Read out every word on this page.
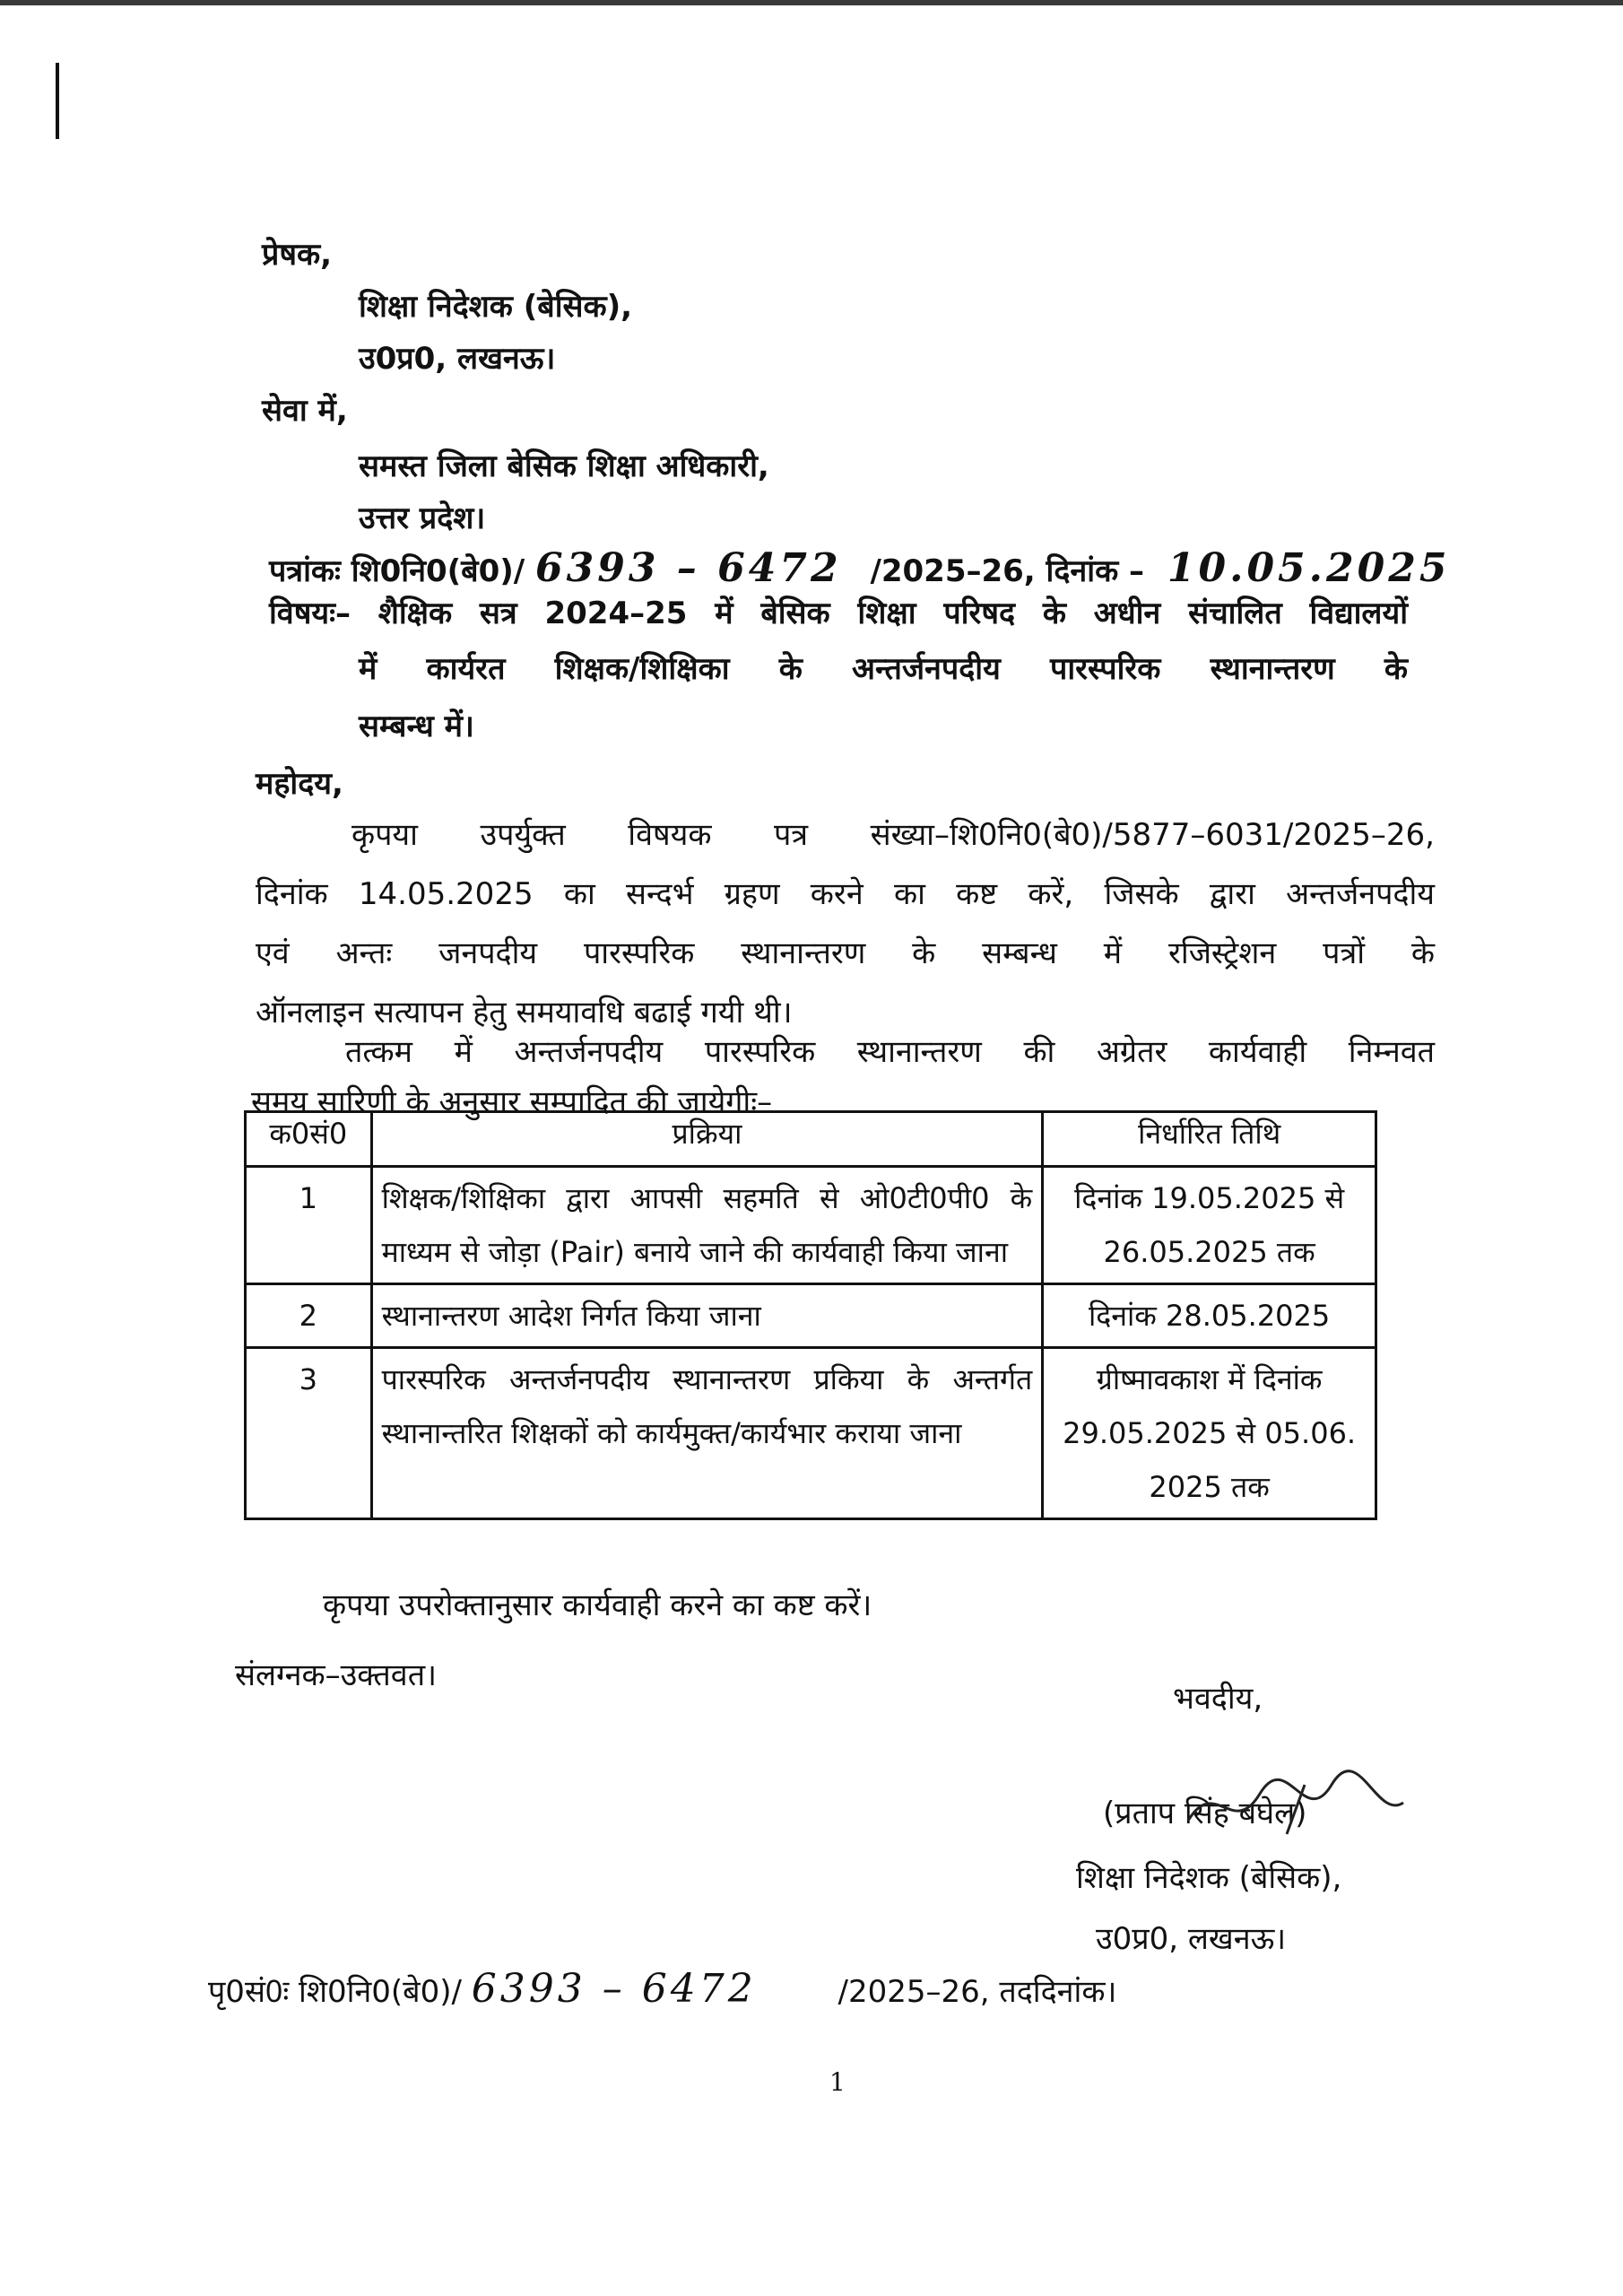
प्रेषक,
शिक्षा निदेशक (बेसिक),
उ0प्र0, लखनऊ।
सेवा में,
समस्त जिला बेसिक शिक्षा अधिकारी,
उत्तर प्रदेश।
पत्रांकः शि0नि0(बे0)/ 6393 – 6472 /2025–26, दिनांक – 10.05.2025
विषयः– शैक्षिक सत्र 2024–25 में बेसिक शिक्षा परिषद के अधीन संचालित विद्यालयों
में कार्यरत शिक्षक/शिक्षिका के अन्तर्जनपदीय पारस्परिक स्थानान्तरण के
सम्बन्ध में।
महोदय,
कृपया उपर्युक्त विषयक पत्र संख्या–शि0नि0(बे0)/5877–6031/2025–26,
दिनांक 14.05.2025 का सन्दर्भ ग्रहण करने का कष्ट करें, जिसके द्वारा अन्तर्जनपदीय
एवं अन्तः जनपदीय पारस्परिक स्थानान्तरण के सम्बन्ध में रजिस्ट्रेशन पत्रों के
ऑनलाइन सत्यापन हेतु समयावधि बढाई गयी थी।
तत्कम में अन्तर्जनपदीय पारस्परिक स्थानान्तरण की अग्रेतर कार्यवाही निम्नवत
समय सारिणी के अनुसार सम्पादित की जायेगीः–
क0सं0	प्रक्रिया	निर्धारित तिथि
1	शिक्षक/शिक्षिका द्वारा आपसी सहमति से ओ0टी0पी0 के माध्यम से जोड़ा (Pair) बनाये जाने की कार्यवाही किया जाना	दिनांक 19.05.2025 से 26.05.2025 तक
2	स्थानान्तरण आदेश निर्गत किया जाना	दिनांक 28.05.2025
3	पारस्परिक अन्तर्जनपदीय स्थानान्तरण प्रकिया के अन्तर्गत स्थानान्तरित शिक्षकों को कार्यमुक्त/कार्यभार कराया जाना	ग्रीष्मावकाश में दिनांक 29.05.2025 से 05.06. 2025 तक
कृपया उपरोक्तानुसार कार्यवाही करने का कष्ट करें।
संलग्नक–उक्तवत।
भवदीय,
(प्रताप सिंह बघेल)
शिक्षा निदेशक (बेसिक),
उ0प्र0, लखनऊ।
पृ0सं0ः शि0नि0(बे0)/ 6393 – 6472	/2025–26, तददिनांक।
1
